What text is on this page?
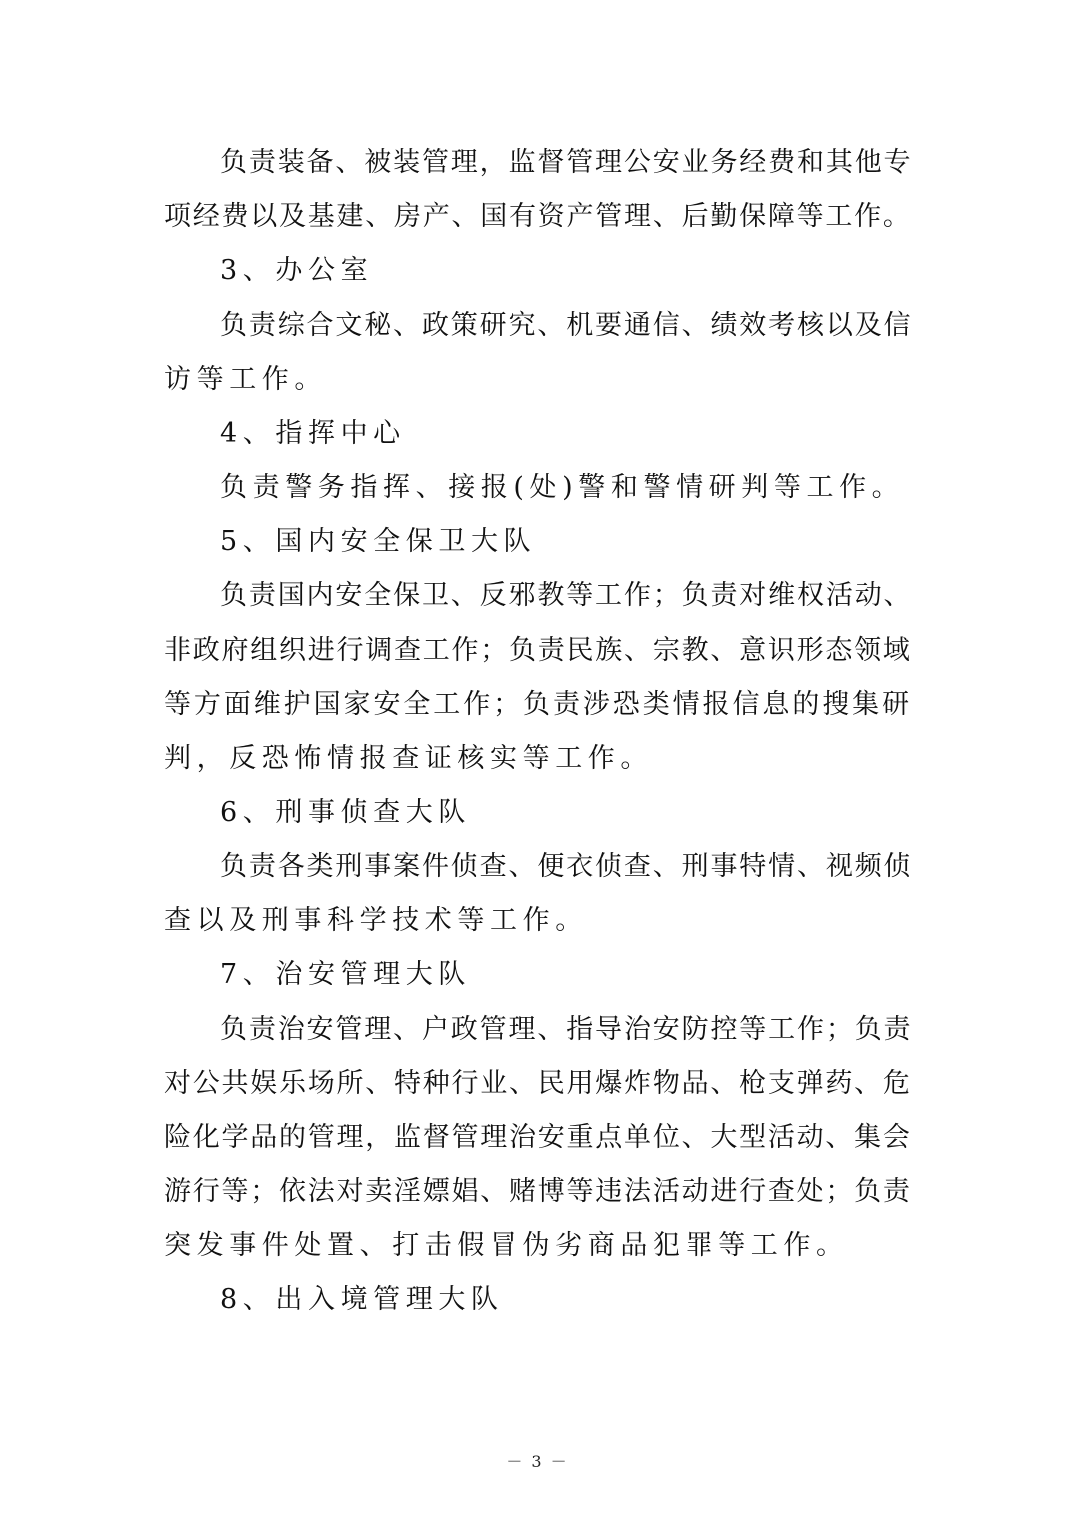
负责装备、被装管理，监督管理公安业务经费和其他专
项经费以及基建、房产、国有资产管理、后勤保障等工作。
3、办公室
负责综合文秘、政策研究、机要通信、绩效考核以及信
访等工作。
4、指挥中心
负责警务指挥、接报(处)警和警情研判等工作。
5、国内安全保卫大队
负责国内安全保卫、反邪教等工作；负责对维权活动、
非政府组织进行调查工作；负责民族、宗教、意识形态领域
等方面维护国家安全工作；负责涉恐类情报信息的搜集研
判，反恐怖情报查证核实等工作。
6、刑事侦查大队
负责各类刑事案件侦查、便衣侦查、刑事特情、视频侦
查以及刑事科学技术等工作。
7、治安管理大队
负责治安管理、户政管理、指导治安防控等工作；负责
对公共娱乐场所、特种行业、民用爆炸物品、枪支弹药、危
险化学品的管理，监督管理治安重点单位、大型活动、集会
游行等；依法对卖淫嫖娼、赌博等违法活动进行查处；负责
突发事件处置、打击假冒伪劣商品犯罪等工作。
8、出入境管理大队
－ 3 －
